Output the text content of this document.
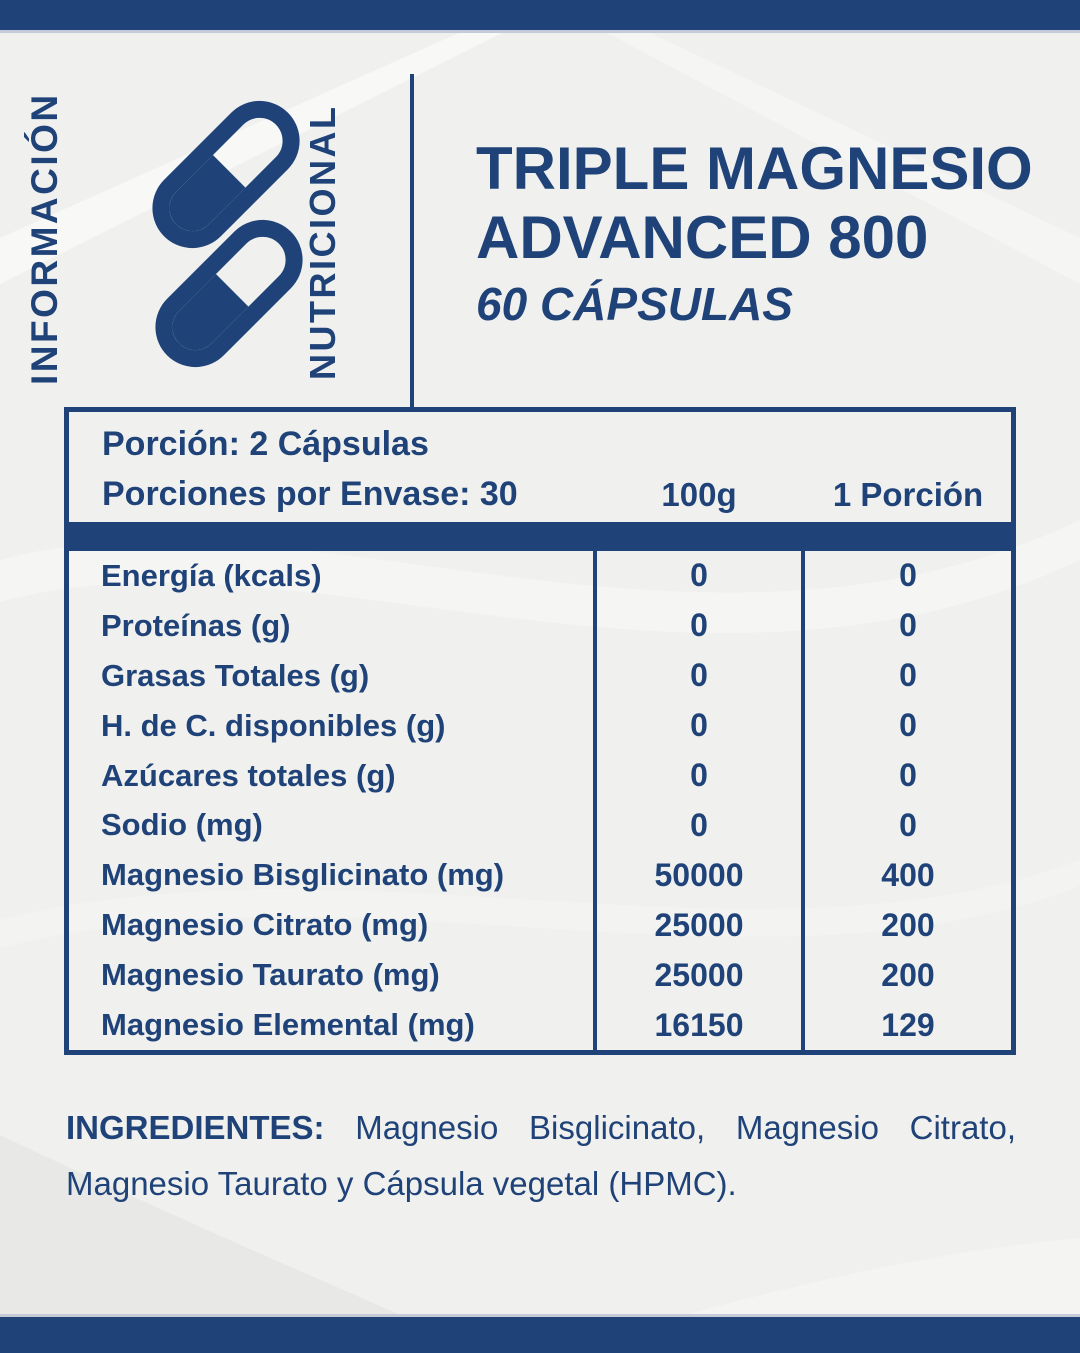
INFORMACIÓN	NUTRICIONAL TRIPLE MAGNESIO
ADVANCED 800
60 CÁPSULAS
Porción: 2 Cápsulas
Porciones por Envase: 30	100g	1 Porción
Energía (kcals)	0	0
Proteínas (g)	0	0
Grasas Totales (g)	0	0
H. de C. disponibles (g)	0	0
Azúcares totales (g)	0	0
Sodio (mg)	0	0
Magnesio Bisglicinato (mg)	50000	400
Magnesio Citrato (mg)	25000	200
Magnesio Taurato (mg)	25000	200
Magnesio Elemental (mg)	16150	129

INGREDIENTES: Magnesio Bisglicinato, Magnesio Citrato, Magnesio Taurato y Cápsula vegetal (HPMC).
